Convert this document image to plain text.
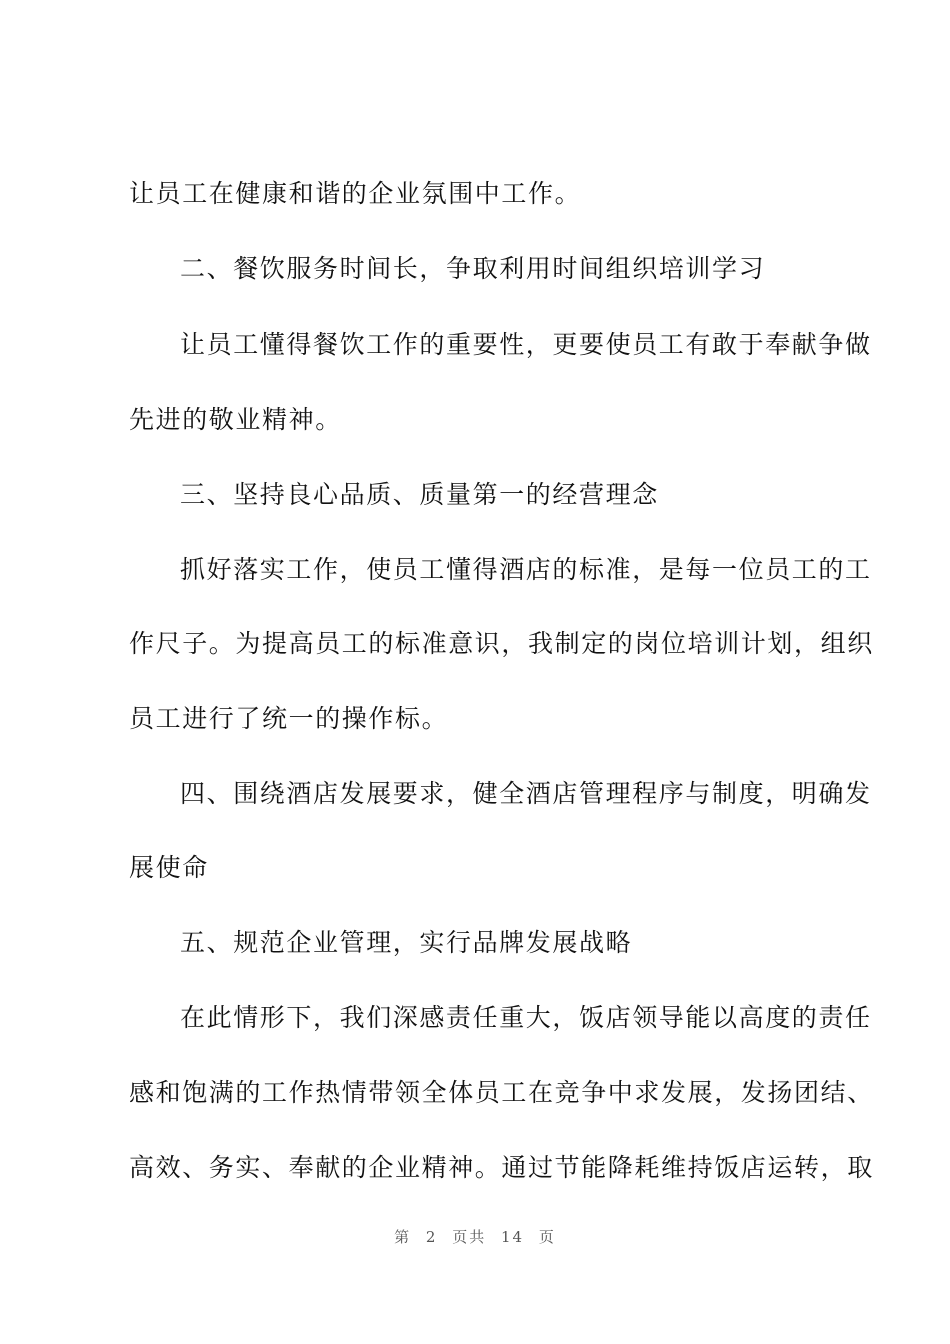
让员工在健康和谐的企业氛围中工作。

二、餐饮服务时间长，争取利用时间组织培训学习

让员工懂得餐饮工作的重要性，更要使员工有敢于奉献争做

先进的敬业精神。

三、坚持良心品质、质量第一的经营理念

抓好落实工作，使员工懂得酒店的标准，是每一位员工的工

作尺子。为提高员工的标准意识，我制定的岗位培训计划，组织

员工进行了统一的操作标。

四、围绕酒店发展要求，健全酒店管理程序与制度，明确发

展使命

五、规范企业管理，实行品牌发展战略

在此情形下，我们深感责任重大，饭店领导能以高度的责任

感和饱满的工作热情带领全体员工在竞争中求发展，发扬团结、

高效、务实、奉献的企业精神。通过节能降耗维持饭店运转，取

第 2 页共 14 页
